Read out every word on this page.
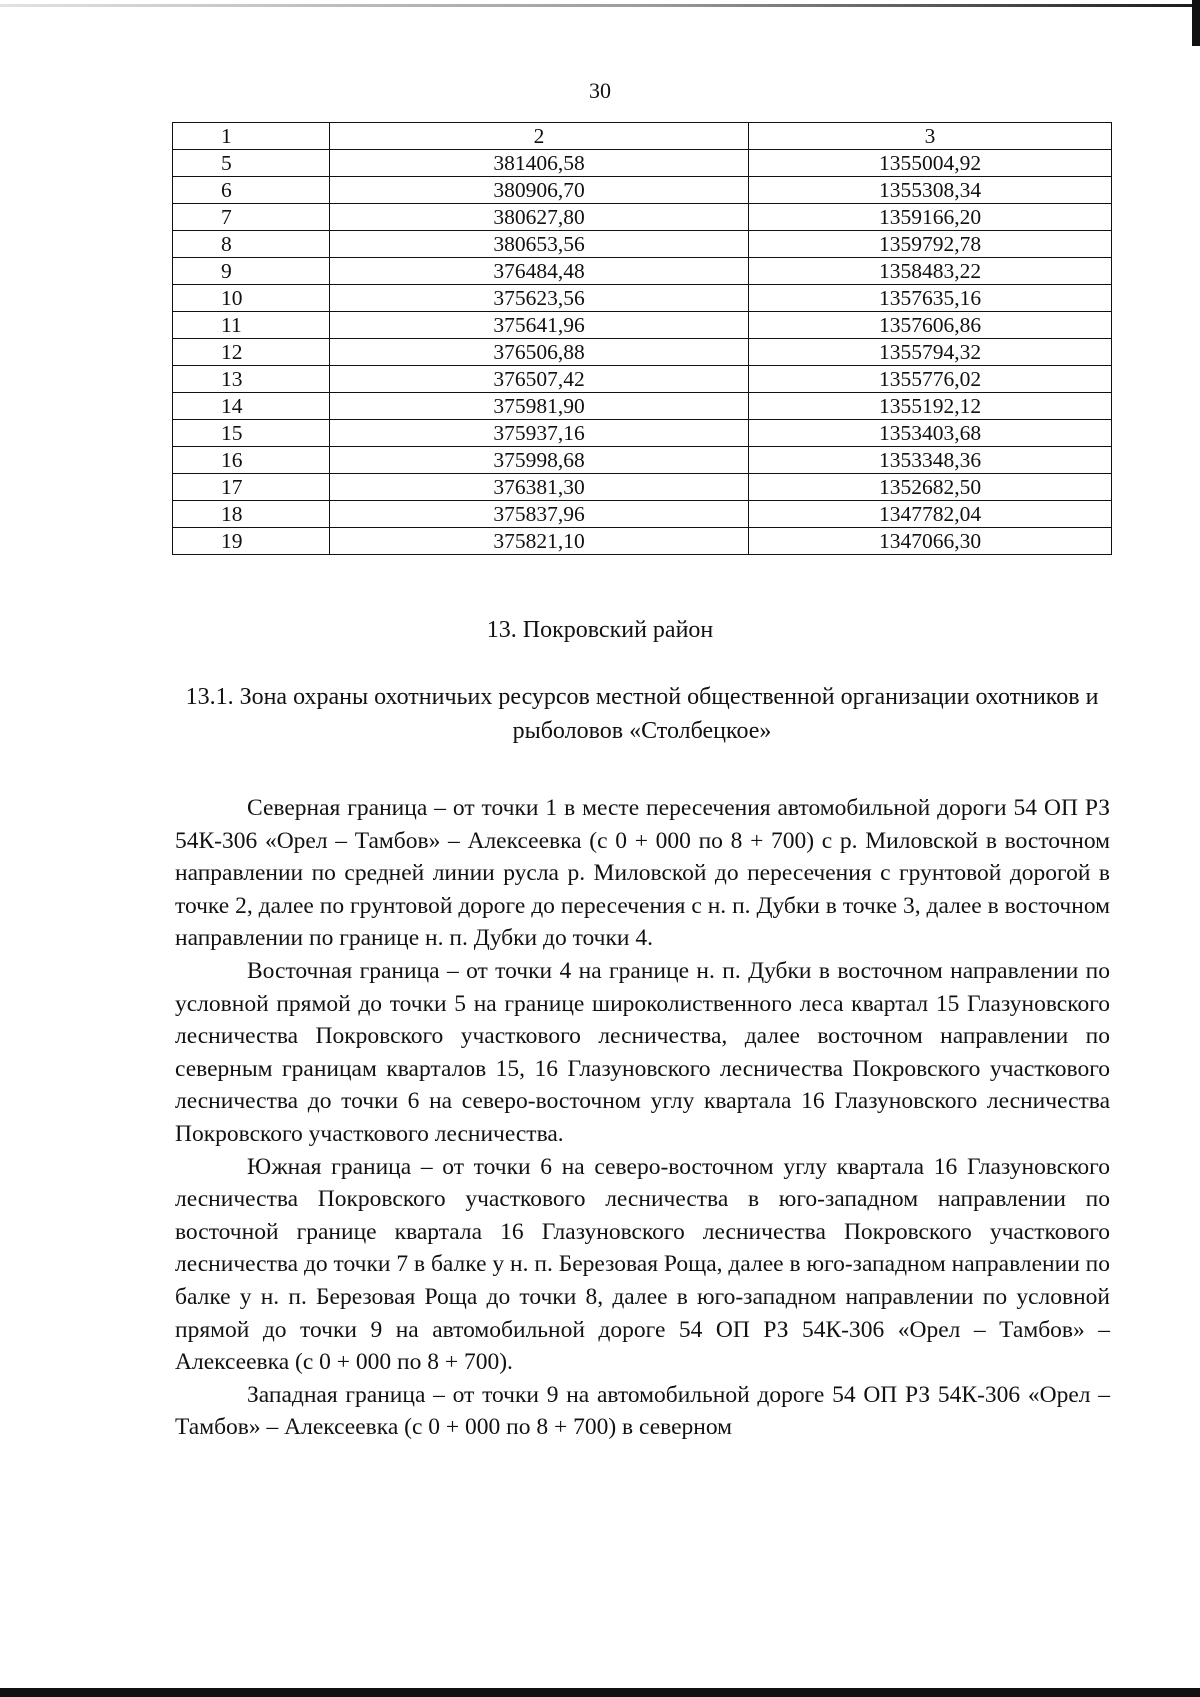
30
1	2	3
5	381406,58	1355004,92
6	380906,70	1355308,34
7	380627,80	1359166,20
8	380653,56	1359792,78
9	376484,48	1358483,22
10	375623,56	1357635,16
11	375641,96	1357606,86
12	376506,88	1355794,32
13	376507,42	1355776,02
14	375981,90	1355192,12
15	375937,16	1353403,68
16	375998,68	1353348,36
17	376381,30	1352682,50
18	375837,96	1347782,04
19	375821,10	1347066,30
13. Покровский район
13.1. Зона охраны охотничьих ресурсов местной общественной организации охотников и рыболовов «Столбецкое»

Северная граница – от точки 1 в месте пересечения автомобильной дороги 54 ОП РЗ 54К-306 «Орел – Тамбов» – Алексеевка (с 0 + 000 по 8 + 700) с р. Миловской в восточном направлении по средней линии русла р. Миловской до пересечения с грунтовой дорогой в точке 2, далее по грунтовой дороге до пересечения с н. п. Дубки в точке 3, далее в восточном направлении по границе н. п. Дубки до точки 4.

Восточная граница – от точки 4 на границе н. п. Дубки в восточном направлении по условной прямой до точки 5 на границе широколиственного леса квартал 15 Глазуновского лесничества Покровского участкового лесничества, далее восточном направлении по северным границам кварталов 15, 16 Глазуновского лесничества Покровского участкового лесничества до точки 6 на северо-восточном углу квартала 16 Глазуновского лесничества Покровского участкового лесничества.

Южная граница – от точки 6 на северо-восточном углу квартала 16 Глазуновского лесничества Покровского участкового лесничества в юго-западном направлении по восточной границе квартала 16 Глазуновского лесничества Покровского участкового лесничества до точки 7 в балке у н. п. Березовая Роща, далее в юго-западном направлении по балке у н. п. Березовая Роща до точки 8, далее в юго-западном направлении по условной прямой до точки 9 на автомобильной дороге 54 ОП РЗ 54К-306 «Орел – Тамбов» – Алексеевка (с 0 + 000 по 8 + 700).

Западная граница – от точки 9 на автомобильной дороге 54 ОП РЗ 54К-306 «Орел – Тамбов» – Алексеевка (с 0 + 000 по 8 + 700) в северном
